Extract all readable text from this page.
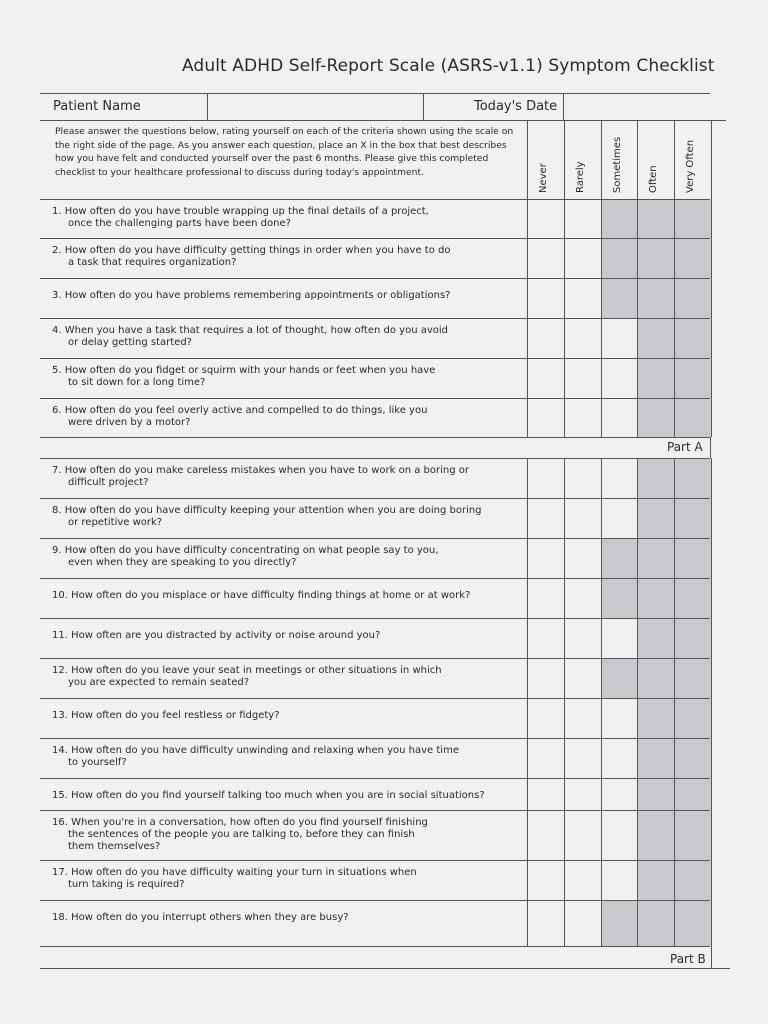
Adult ADHD Self-Report Scale (ASRS-v1.1) Symptom Checklist
Patient Name	Today's Date
Please answer the questions below, rating yourself on each of the criteria shown using the scale on the right side of the page. As you answer each question, place an X in the box that best describes how you have felt and conducted yourself over the past 6 months. Please give this completed checklist to your healthcare professional to discuss during today's appointment.	Never	Rarely	Sometimes	Often	Very Often
1. How often do you have trouble wrapping up the final details of a project,
once the challenging parts have been done?
2. How often do you have difficulty getting things in order when you have to do
a task that requires organization?
3. How often do you have problems remembering appointments or obligations?
4. When you have a task that requires a lot of thought, how often do you avoid
or delay getting started?
5. How often do you fidget or squirm with your hands or feet when you have
to sit down for a long time?
6. How often do you feel overly active and compelled to do things, like you
were driven by a motor?
7. How often do you make careless mistakes when you have to work on a boring or
difficult project?
8. How often do you have difficulty keeping your attention when you are doing boring
or repetitive work?
9. How often do you have difficulty concentrating on what people say to you,
even when they are speaking to you directly?
10. How often do you misplace or have difficulty finding things at home or at work?
11. How often are you distracted by activity or noise around you?
12. How often do you leave your seat in meetings or other situations in which
you are expected to remain seated?
13. How often do you feel restless or fidgety?
14. How often do you have difficulty unwinding and relaxing when you have time
to yourself?
15. How often do you find yourself talking too much when you are in social situations?
16. When you're in a conversation, how often do you find yourself finishing
the sentences of the people you are talking to, before they can finish
them themselves?
17. How often do you have difficulty waiting your turn in situations when
turn taking is required?
18. How often do you interrupt others when they are busy?
Part A
Part B
